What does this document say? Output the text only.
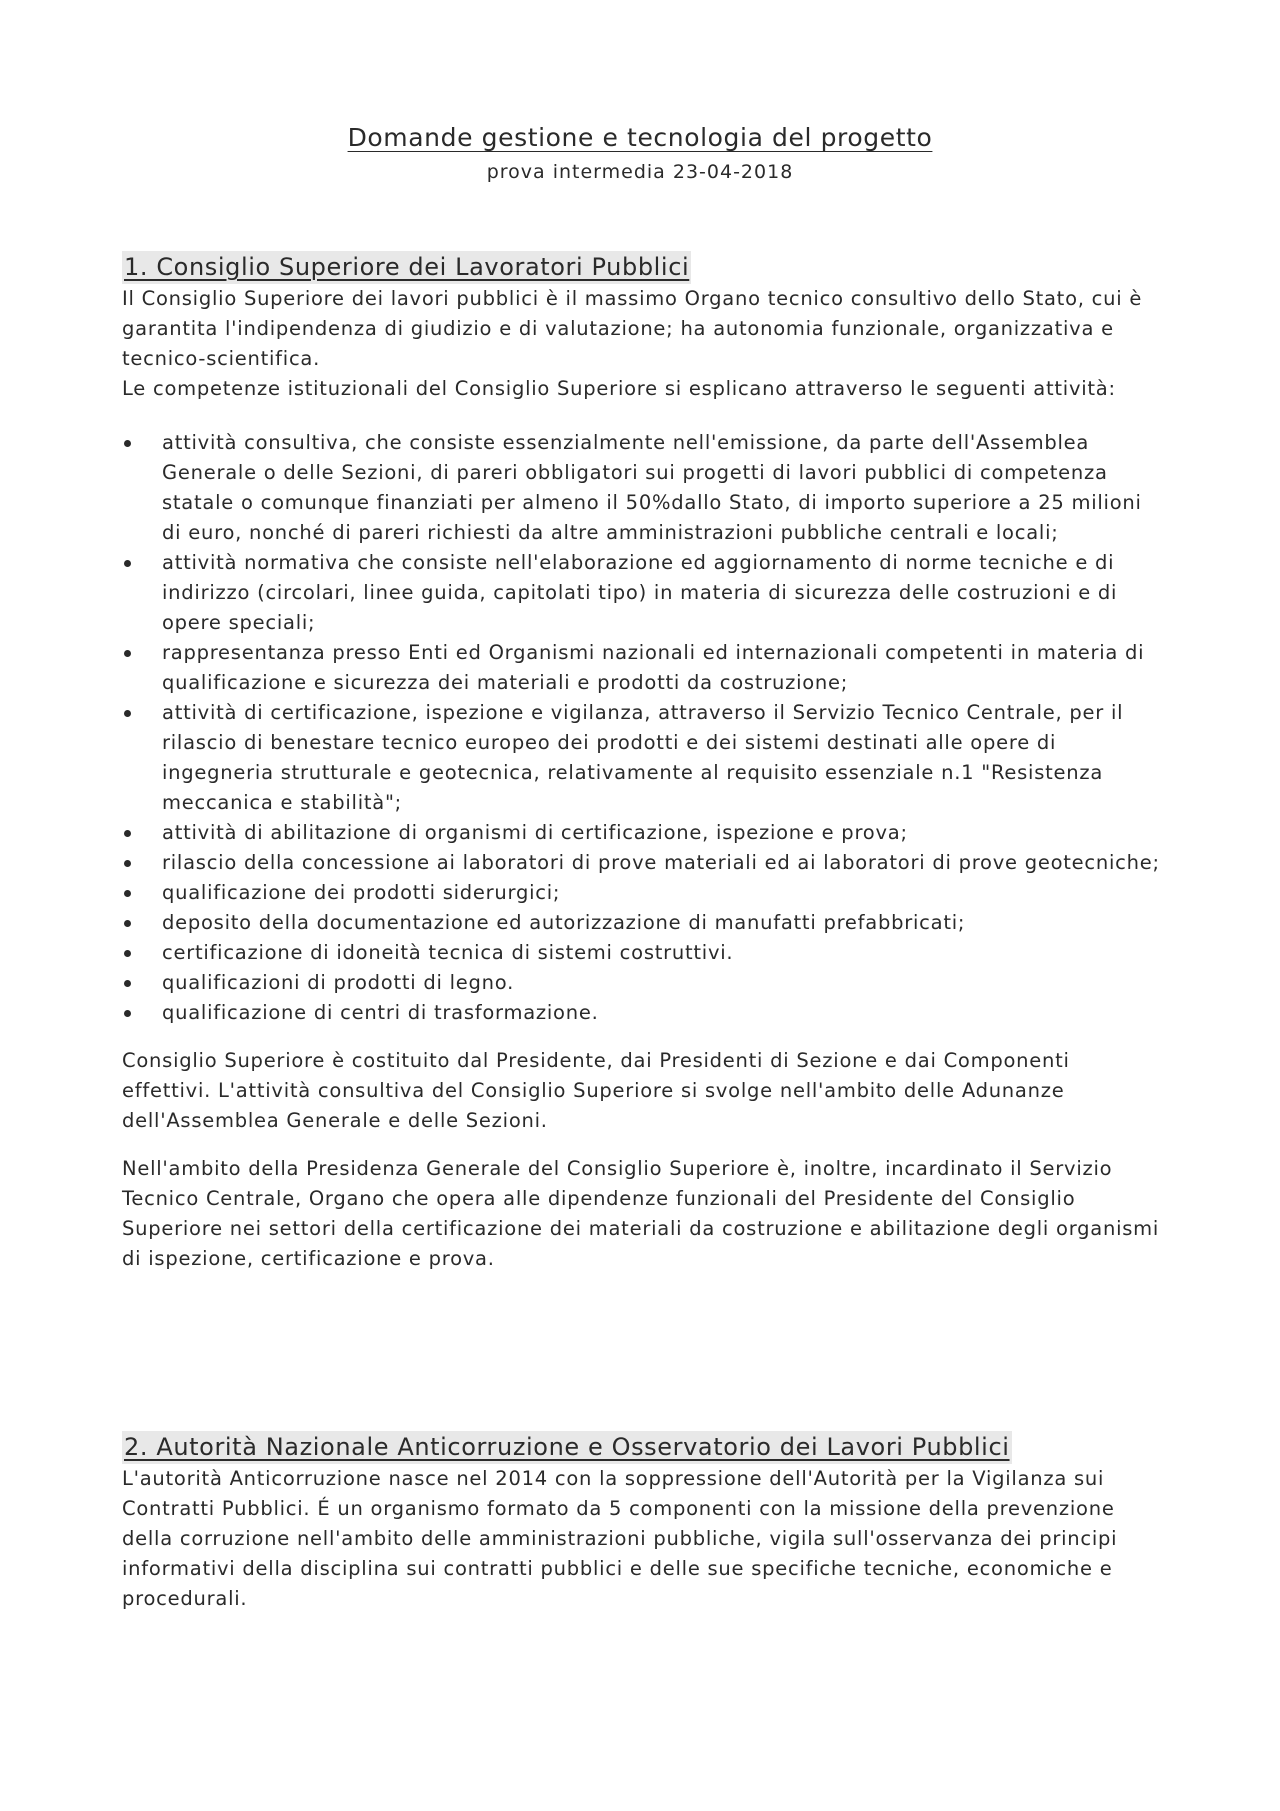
Domande gestione e tecnologia del progetto

prova intermedia 23-04-2018

1. Consiglio Superiore dei Lavoratori Pubblici

Il Consiglio Superiore dei lavori pubblici è il massimo Organo tecnico consultivo dello Stato, cui è garantita l'indipendenza di giudizio e di valutazione; ha autonomia funzionale, organizzativa e tecnico-scientifica.

Le competenze istituzionali del Consiglio Superiore si esplicano attraverso le seguenti attività:

attività consultiva, che consiste essenzialmente nell'emissione, da parte dell'Assemblea Generale o delle Sezioni, di pareri obbligatori sui progetti di lavori pubblici di competenza statale o comunque finanziati per almeno il 50%dallo Stato, di importo superiore a 25 milioni di euro, nonché di pareri richiesti da altre amministrazioni pubbliche centrali e locali;
attività normativa che consiste nell'elaborazione ed aggiornamento di norme tecniche e di indirizzo (circolari, linee guida, capitolati tipo) in materia di sicurezza delle costruzioni e di opere speciali;
rappresentanza presso Enti ed Organismi nazionali ed internazionali competenti in materia di qualificazione e sicurezza dei materiali e prodotti da costruzione;
attività di certificazione, ispezione e vigilanza, attraverso il Servizio Tecnico Centrale, per il rilascio di benestare tecnico europeo dei prodotti e dei sistemi destinati alle opere di ingegneria strutturale e geotecnica, relativamente al requisito essenziale n.1 "Resistenza meccanica e stabilità";
attività di abilitazione di organismi di certificazione, ispezione e prova;
rilascio della concessione ai laboratori di prove materiali ed ai laboratori di prove geotecniche;
qualificazione dei prodotti siderurgici;
deposito della documentazione ed autorizzazione di manufatti prefabbricati;
certificazione di idoneità tecnica di sistemi costruttivi.
qualificazioni di prodotti di legno.
qualificazione di centri di trasformazione.

Consiglio Superiore è costituito dal Presidente, dai Presidenti di Sezione e dai Componenti effettivi. L'attività consultiva del Consiglio Superiore si svolge nell'ambito delle Adunanze dell'Assemblea Generale e delle Sezioni.

Nell'ambito della Presidenza Generale del Consiglio Superiore è, inoltre, incardinato il Servizio Tecnico Centrale, Organo che opera alle dipendenze funzionali del Presidente del Consiglio Superiore nei settori della certificazione dei materiali da costruzione e abilitazione degli organismi di ispezione, certificazione e prova.

2. Autorità Nazionale Anticorruzione e Osservatorio dei Lavori Pubblici

L'autorità Anticorruzione nasce nel 2014 con la soppressione dell'Autorità per la Vigilanza sui Contratti Pubblici. É un organismo formato da 5 componenti con la missione della prevenzione della corruzione nell'ambito delle amministrazioni pubbliche, vigila sull'osservanza dei principi informativi della disciplina sui contratti pubblici e delle sue specifiche tecniche, economiche e procedurali.
